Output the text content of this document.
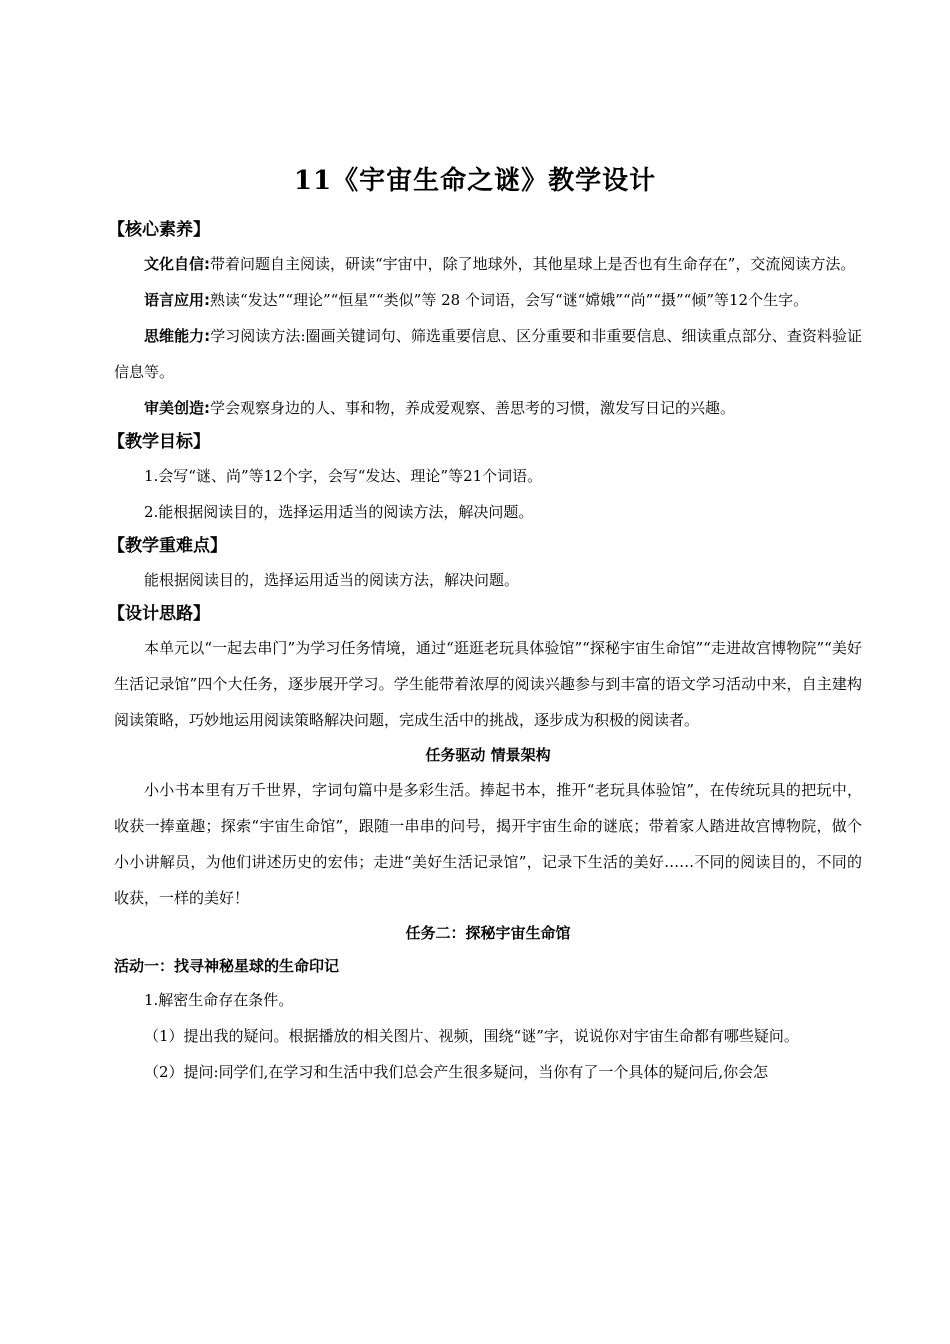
11《宇宙生命之谜》教学设计
【核心素养】

文化自信:带着问题自主阅读，研读“宇宙中，除了地球外，其他星球上是否也有生命存在”，交流阅读方法。

语言应用:熟读“发达”“理论”“恒星”“类似”等 28 个词语，会写“谜“嫦娥”“尚”“摄”“倾”等12个生字。

思维能力:学习阅读方法:圈画关键词句、筛选重要信息、区分重要和非重要信息、细读重点部分、查资料验证信息等。

审美创造:学会观察身边的人、事和物，养成爱观察、善思考的习惯，激发写日记的兴趣。

【教学目标】

1.会写“谜、尚”等12个字，会写“发达、理论”等21个词语。

2.能根据阅读目的，选择运用适当的阅读方法，解决问题。

【教学重难点】

能根据阅读目的，选择运用适当的阅读方法，解决问题。

【设计思路】

本单元以“一起去串门”为学习任务情境，通过“逛逛老玩具体验馆”“探秘宇宙生命馆”“走进故宫博物院”“美好生活记录馆”四个大任务，逐步展开学习。学生能带着浓厚的阅读兴趣参与到丰富的语文学习活动中来，自主建构阅读策略，巧妙地运用阅读策略解决问题，完成生活中的挑战，逐步成为积极的阅读者。

任务驱动 情景架构

小小书本里有万千世界，字词句篇中是多彩生活。捧起书本，推开“老玩具体验馆”，在传统玩具的把玩中，收获一捧童趣；探索“宇宙生命馆”，跟随一串串的问号，揭开宇宙生命的谜底；带着家人踏进故宫博物院，做个小小讲解员，为他们讲述历史的宏伟；走进“美好生活记录馆”，记录下生活的美好……不同的阅读目的，不同的收获，一样的美好！

任务二：探秘宇宙生命馆
活动一：找寻神秘星球的生命印记

1.解密生命存在条件。

（1）提出我的疑问。根据播放的相关图片、视频，围绕“谜”字，说说你对宇宙生命都有哪些疑问。

（2）提问:同学们,在学习和生活中我们总会产生很多疑问，当你有了一个具体的疑问后,你会怎
